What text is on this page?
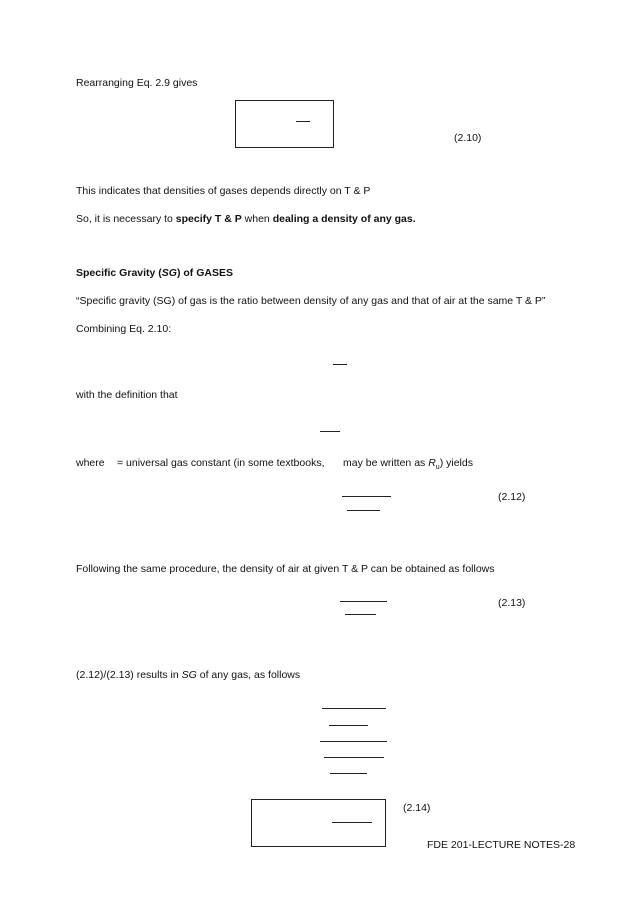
Rearranging Eq. 2.9 gives
(2.10)
This indicates that densities of gases depends directly on T & P
So, it is necessary to specify T & P when dealing a density of any gas.
Specific Gravity (SG) of GASES
“Specific gravity (SG) of gas is the ratio between density of any gas and that of air at the same T & P”
Combining Eq. 2.10:
with the definition that
where = universal gas constant (in some textbooks, may be written as $R_u$) yields
(2.12)
Following the same procedure, the density of air at given T & P can be obtained as follows
(2.13)
(2.12)/(2.13) results in SG of any gas, as follows
(2.14)
FDE 201-LECTURE NOTES-28
